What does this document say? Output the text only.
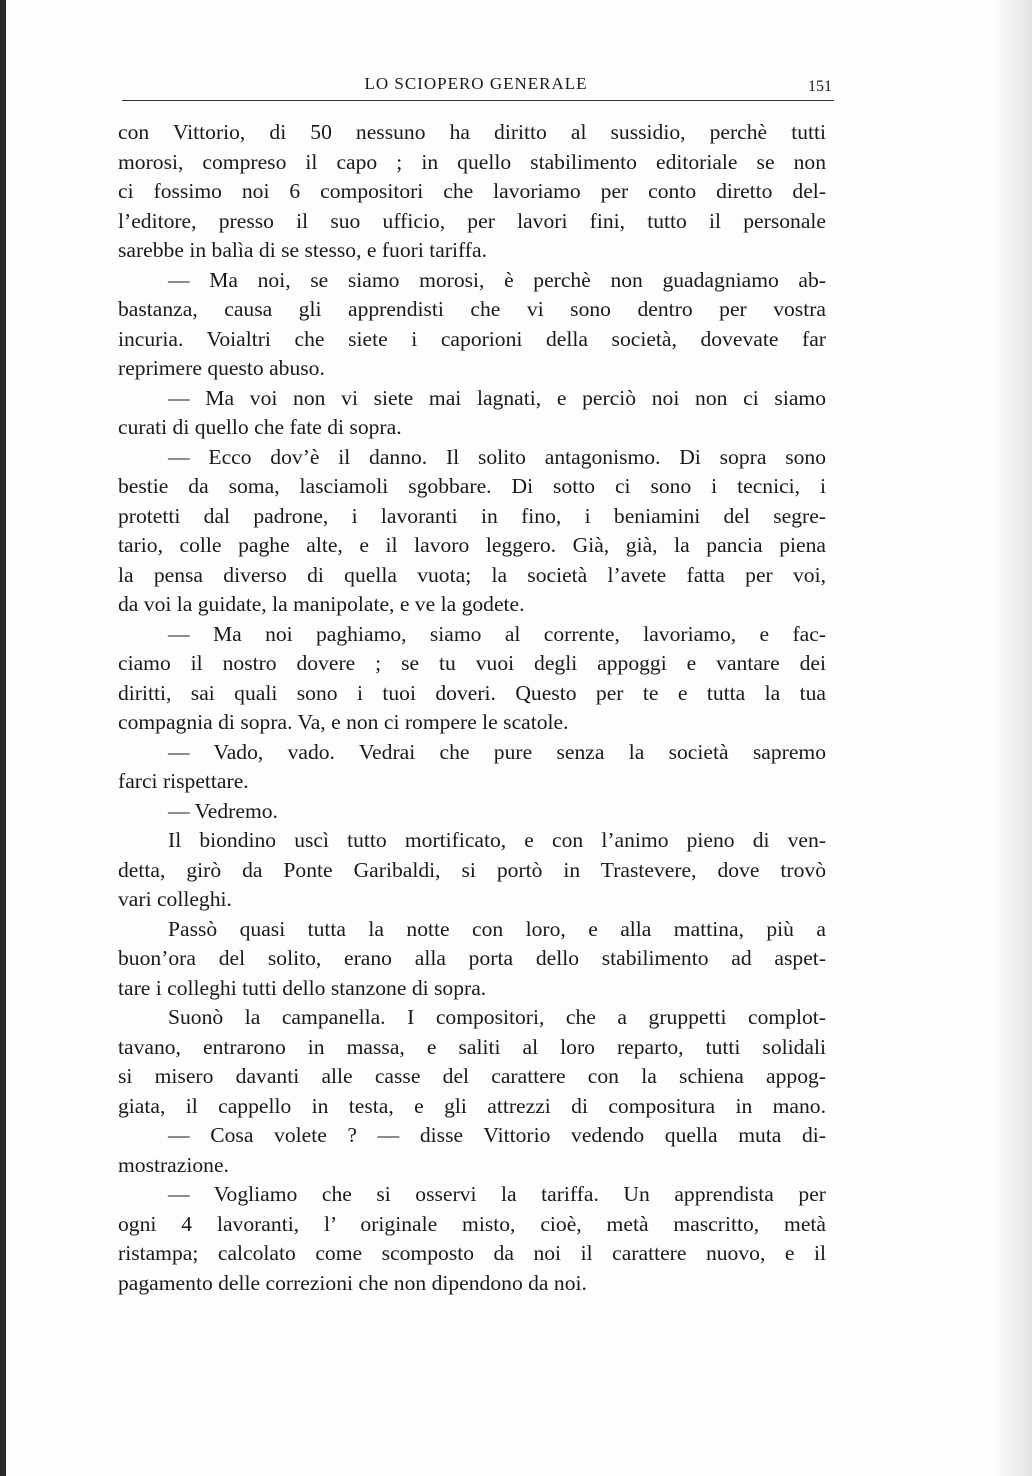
LO SCIOPERO GENERALE	151
con Vittorio, di 50 nessuno ha diritto al sussidio, perchè tutti
morosi, compreso il capo ; in quello stabilimento editoriale se non
ci fossimo noi 6 compositori che lavoriamo per conto diretto del-
l’editore, presso il suo ufficio, per lavori fini, tutto il personale
sarebbe in balìa di se stesso, e fuori tariffa.
— Ma noi, se siamo morosi, è perchè non guadagniamo ab-
bastanza, causa gli apprendisti che vi sono dentro per vostra
incuria. Voialtri che siete i caporioni della società, dovevate far
reprimere questo abuso.
— Ma voi non vi siete mai lagnati, e perciò noi non ci siamo
curati di quello che fate di sopra.
— Ecco dov’è il danno. Il solito antagonismo. Di sopra sono
bestie da soma, lasciamoli sgobbare. Di sotto ci sono i tecnici, i
protetti dal padrone, i lavoranti in fino, i beniamini del segre-
tario, colle paghe alte, e il lavoro leggero. Già, già, la pancia piena
la pensa diverso di quella vuota; la società l’avete fatta per voi,
da voi la guidate, la manipolate, e ve la godete.
— Ma noi paghiamo, siamo al corrente, lavoriamo, e fac-
ciamo il nostro dovere ; se tu vuoi degli appoggi e vantare dei
diritti, sai quali sono i tuoi doveri. Questo per te e tutta la tua
compagnia di sopra. Va, e non ci rompere le scatole.
— Vado, vado. Vedrai che pure senza la società sapremo
farci rispettare.
— Vedremo.
Il biondino uscì tutto mortificato, e con l’animo pieno di ven-
detta, girò da Ponte Garibaldi, si portò in Trastevere, dove trovò
vari colleghi.
Passò quasi tutta la notte con loro, e alla mattina, più a
buon’ora del solito, erano alla porta dello stabilimento ad aspet-
tare i colleghi tutti dello stanzone di sopra.
Suonò la campanella. I compositori, che a gruppetti complot-
tavano, entrarono in massa, e saliti al loro reparto, tutti solidali
si misero davanti alle casse del carattere con la schiena appog-
giata, il cappello in testa, e gli attrezzi di compositura in mano.
— Cosa volete ? — disse Vittorio vedendo quella muta di-
mostrazione.
— Vogliamo che si osservi la tariffa. Un apprendista per
ogni 4 lavoranti, l’ originale misto, cioè, metà mascritto, metà
ristampa; calcolato come scomposto da noi il carattere nuovo, e il
pagamento delle correzioni che non dipendono da noi.
